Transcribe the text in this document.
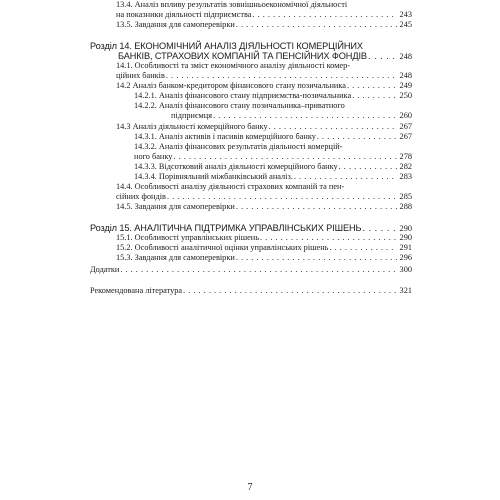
13.4. Аналіз впливу результатів зовнішньоекономічної діяльності
на показники діяльності підприємства . . .	243
13.5. Завдання для самоперевірки . . .	245
Розділ 14. ЕКОНОМІЧНИЙ АНАЛІЗ ДІЯЛЬНОСТІ КОМЕРЦІЙНИХ
БАНКІВ, СТРАХОВИХ КОМПАНІЙ ТА ПЕНСІЙНИХ ФОНДІВ . . .	248
14.1. Особливості та зміст економічного аналізу діяльності комер-
ційних банків . . .	248
14.2 Аналіз банком-кредитором фінансового стану позичальника . . .	249
14.2.1. Аналіз фінансового стану підприємства-позичальника . . .	250
14.2.2. Аналіз фінансового стану позичальника–приватного
підприємця . . .	260
14.3 Аналіз діяльності комерційного банку . . .	267
14.3.1. Аналіз активів і пасивів комерційного банку . . .	267
14.3.2. Аналіз фінансових результатів діяльності комерцій-
ного банку . . .	278
14.3.3. Відсотковий аналіз діяльності комерційного банку . . .	282
14.3.4. Порівняльний міжбанківський аналіз. . . .	283
14.4. Особливості аналізу діяльності страхових компаній та пен-
сійних фондів . . .	285
14.5. Завдання для самоперевірки . . .	288
Розділ 15. АНАЛІТИЧНА ПІДТРИМКА УПРАВЛІНСЬКИХ РІШЕНЬ . . .	290
15.1. Особливості управлінських рішень . . .	290
15.2. Особливості аналітичної оцінки управлінських рішень . . .	291
15.3. Завдання для самоперевірки . . .	296
Додатки . . .	300
Рекомендована література . . .	321
7
